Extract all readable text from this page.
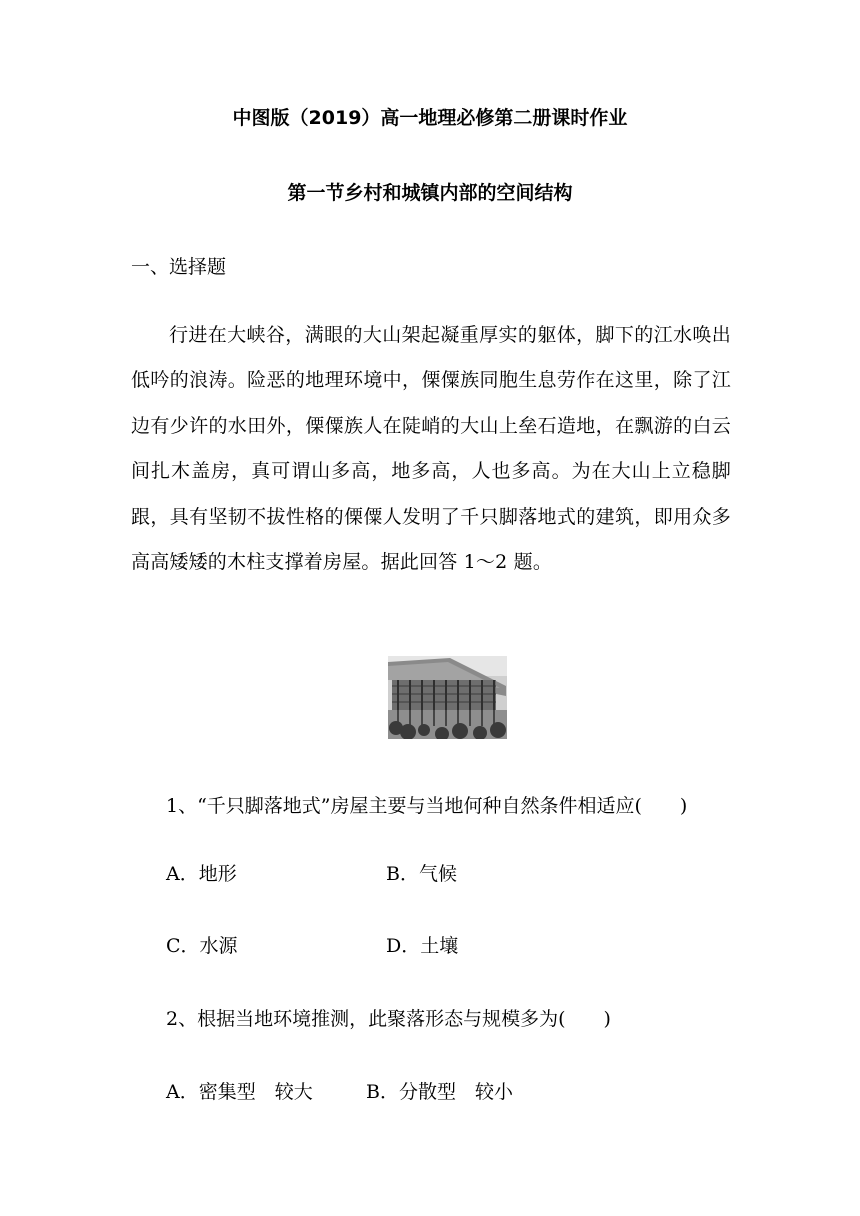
中图版（2019）高一地理必修第二册课时作业
第一节乡村和城镇内部的空间结构
一、选择题
行进在大峡谷，满眼的大山架起凝重厚实的躯体，脚下的江水唤出低吟的浪涛。险恶的地理环境中，傈僳族同胞生息劳作在这里，除了江边有少许的水田外，傈僳族人在陡峭的大山上垒石造地，在飘游的白云间扎木盖房，真可谓山多高，地多高，人也多高。为在大山上立稳脚跟，具有坚韧不拔性格的傈僳人发明了千只脚落地式的建筑，即用众多高高矮矮的木柱支撑着房屋。据此回答 1～2 题。
1、“千只脚落地式”房屋主要与当地何种自然条件相适应(　　)
A．地形	B．气候
C．水源	D．土壤
2、根据当地环境推测，此聚落形态与规模多为(　　)
A．密集型　较大	B．分散型　较小
